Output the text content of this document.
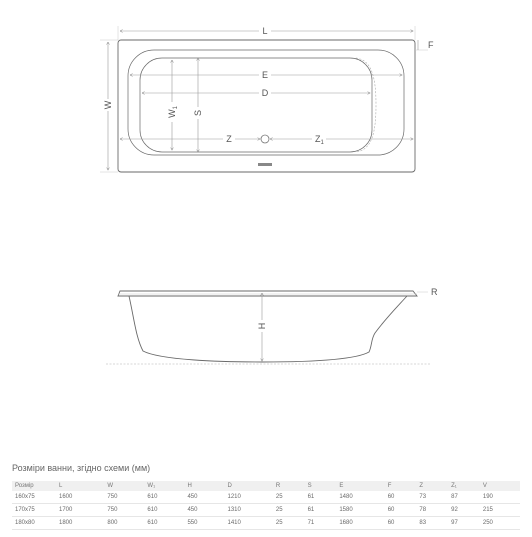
L
F
W
E
D
$W_1$
S
Z	$Z_1$
R
H
Розміри ванни, згідно схеми (мм)
Розмір	L	W	W₁	H	D	R	S	E	F	Z	Z₁	V
160x75	1600	750	610	450	1210	25	61	1480	60	73	87	190
170x75	1700	750	610	450	1310	25	61	1580	60	78	92	215
180x80	1800	800	610	550	1410	25	71	1680	60	83	97	250
